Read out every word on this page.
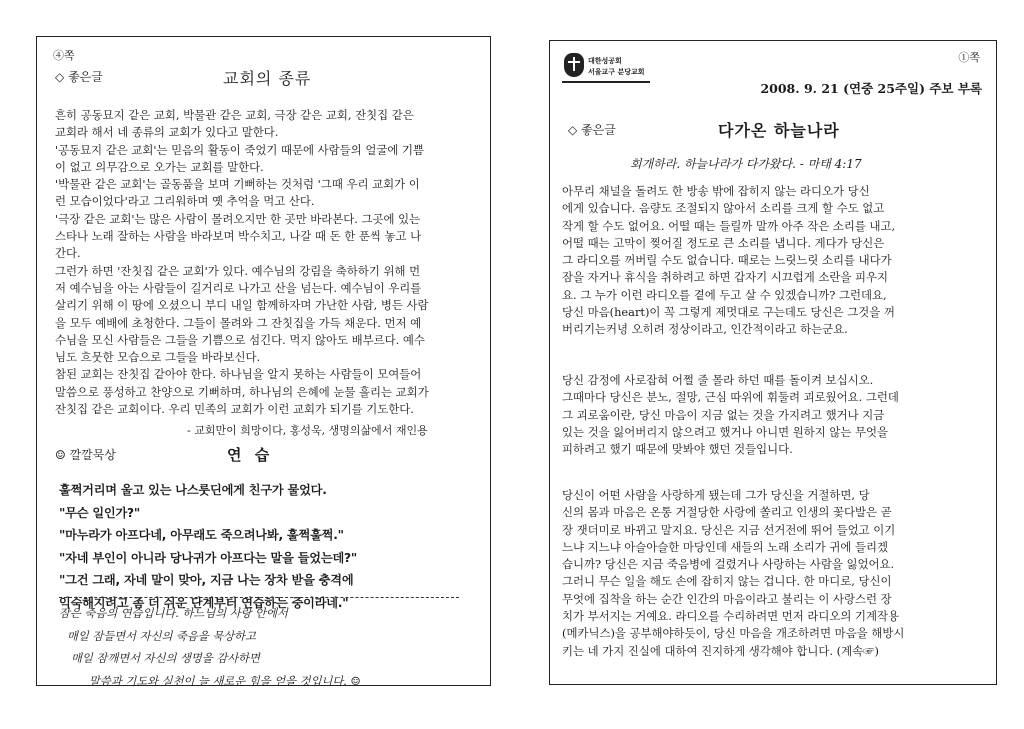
④쪽
◇ 좋은글	교회의 종류
흔히 공동묘지 같은 교회, 박물관 같은 교회, 극장 같은 교회, 잔칫집 같은
교회라 해서 네 종류의 교회가 있다고 말한다.
'공동묘지 같은 교회'는 믿음의 활동이 죽었기 때문에 사람들의 얼굴에 기쁨
이 없고 의무감으로 오가는 교회를 말한다.
'박물관 같은 교회'는 골동품을 보며 기뻐하는 것처럼 '그때 우리 교회가 이
런 모습이었다'라고 그리워하며 옛 추억을 먹고 산다.
'극장 같은 교회'는 많은 사람이 몰려오지만 한 곳만 바라본다. 그곳에 있는
스타나 노래 잘하는 사람을 바라보며 박수치고, 나갈 때 돈 한 푼씩 놓고 나
간다.
그런가 하면 '잔칫집 같은 교회'가 있다. 예수님의 강림을 축하하기 위해 먼
저 예수님을 아는 사람들이 길거리로 나가고 산을 넘는다. 예수님이 우리를
살리기 위해 이 땅에 오셨으니 부디 내일 함께하자며 가난한 사람, 병든 사람
을 모두 예배에 초청한다. 그들이 몰려와 그 잔칫집을 가득 채운다. 먼저 예
수님을 모신 사람들은 그들을 기쁨으로 섬긴다. 먹지 않아도 배부르다. 예수
님도 흐뭇한 모습으로 그들을 바라보신다.
참된 교회는 잔칫집 같아야 한다. 하나님을 알지 못하는 사람들이 모여들어
말씀으로 풍성하고 찬양으로 기뻐하며, 하나님의 은혜에 눈물 흘리는 교회가
잔칫집 같은 교회이다. 우리 민족의 교회가 이런 교회가 되기를 기도한다.
- 교회만이 희망이다, 홍성욱, 생명의삶에서 재인용
☺ 깔깔묵상	연 습
훌쩍거리며 울고 있는 나스룻딘에게 친구가 물었다.
"무슨 일인가?"
"마누라가 아프다네, 아무래도 죽으려나봐, 훌쩍훌쩍."
"자네 부인이 아니라 당나귀가 아프다는 말을 들었는데?"
"그건 그래, 자네 말이 맞아, 지금 나는 장차 받을 충격에
익숙해지려고 좀 더 쉬운 단계부터 연습하는 중이라네."
잠은 죽음의 연습입니다. 하느님의 사랑 안에서
매일 잠들면서 자신의 죽음을 묵상하고
매일 잠깨면서 자신의 생명을 감사하면
말씀과 기도와 실천이 늘 새로운 힘을 얻을 것입니다. ☺
대한성공회
서울교구 분당교회
①쪽
2008. 9. 21 (연중 25주일) 주보 부록
◇ 좋은글	다가온 하늘나라
회개하라. 하늘나라가 다가왔다. - 마태 4:17
아무리 채널을 돌려도 한 방송 밖에 잡히지 않는 라디오가 당신
에게 있습니다. 음량도 조절되지 않아서 소리를 크게 할 수도 없고
작게 할 수도 없어요. 어떨 때는 들릴까 말까 아주 작은 소리를 내고,
어떨 때는 고막이 찢어질 정도로 큰 소리를 냅니다. 게다가 당신은
그 라디오를 꺼버릴 수도 없습니다. 때로는 느릿느릿 소리를 내다가
잠을 자거나 휴식을 취하려고 하면 갑자기 시끄럽게 소란을 피우지
요. 그 누가 이런 라디오를 곁에 두고 살 수 있겠습니까? 그런데요,
당신 마음(heart)이 꼭 그렇게 제멋대로 구는데도 당신은 그것을 꺼
버리기는커녕 오히려 정상이라고, 인간적이라고 하는군요.
당신 감정에 사로잡혀 어쩔 줄 몰라 하던 때를 돌이켜 보십시오.
그때마다 당신은 분노, 절망, 근심 따위에 휘둘려 괴로웠어요. 그런데
그 괴로움이란, 당신 마음이 지금 없는 것을 가지려고 했거나 지금
있는 것을 잃어버리지 않으려고 했거나 아니면 원하지 않는 무엇을
피하려고 했기 때문에 맞봐야 했던 것들입니다.
당신이 어떤 사람을 사랑하게 됐는데 그가 당신을 거절하면, 당
신의 몸과 마음은 온통 거절당한 사랑에 쏠리고 인생의 꽃다발은 곧
장 잿더미로 바뀌고 말지요. 당신은 지금 선거전에 뛰어 들었고 이기
느냐 지느냐 아슬아슬한 마당인데 새들의 노래 소리가 귀에 들리겠
습니까? 당신은 지금 죽음병에 걸렸거나 사랑하는 사람을 잃었어요.
그러니 무슨 일을 해도 손에 잡히지 않는 겁니다. 한 마디로, 당신이
무엇에 집착을 하는 순간 인간의 마음이라고 불리는 이 사랑스런 장
치가 부서지는 거예요. 라디오를 수리하려면 먼저 라디오의 기계작용
(메카닉스)을 공부해야하듯이, 당신 마음을 개조하려면 마음을 해방시
키는 네 가지 진실에 대하여 진지하게 생각해야 합니다. (계속☞)
